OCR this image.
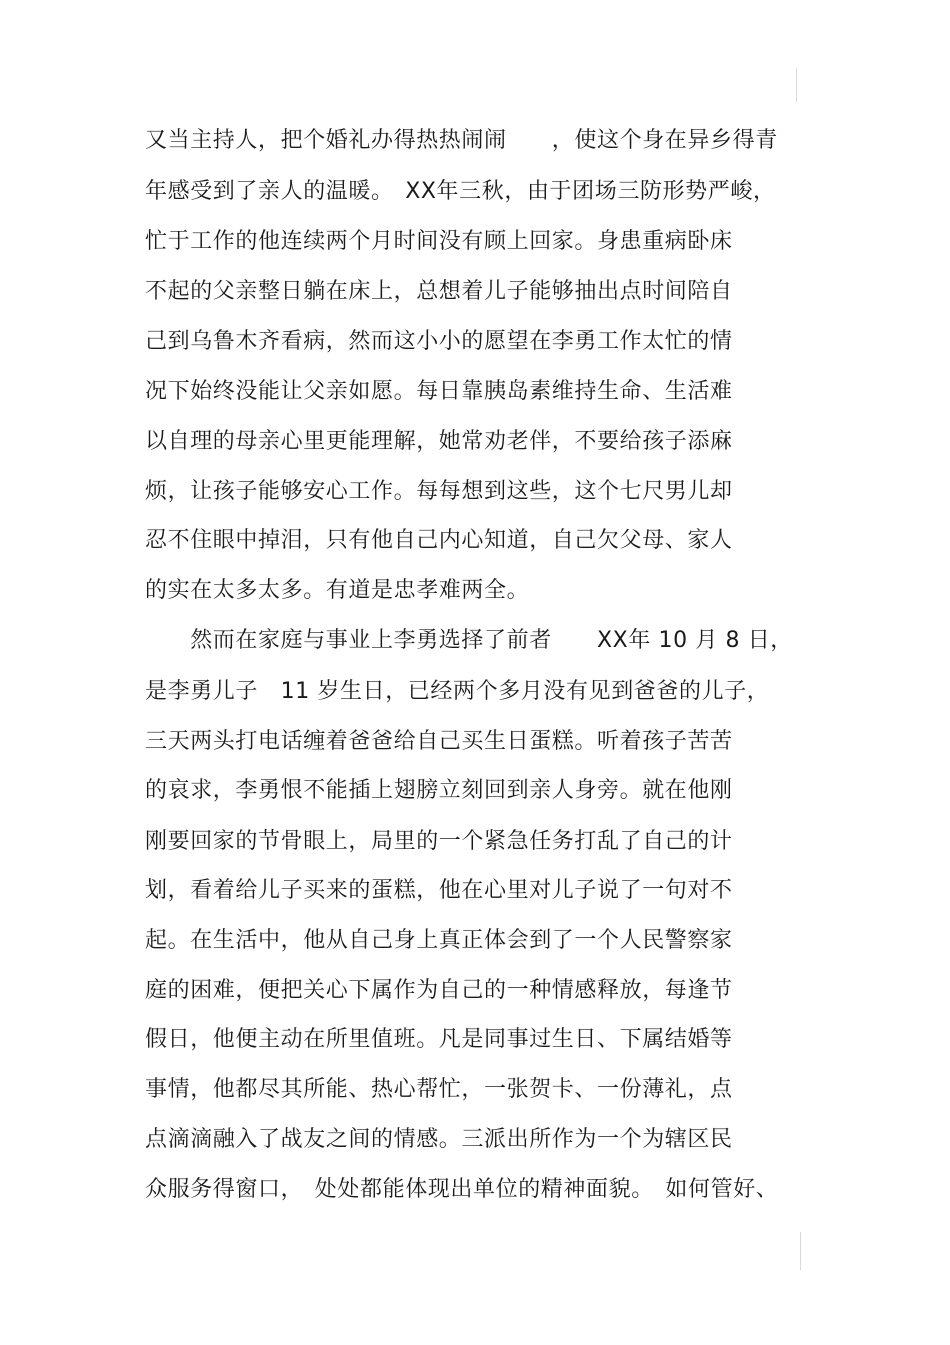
又当主持人，把个婚礼办得热热闹闹　　，使这个身在异乡得青
年感受到了亲人的温暖。　XX年三秋，由于团场三防形势严峻，
忙于工作的他连续两个月时间没有顾上回家。身患重病卧床
不起的父亲整日躺在床上，总想着儿子能够抽出点时间陪自
己到乌鲁木齐看病，然而这小小的愿望在李勇工作太忙的情
况下始终没能让父亲如愿。每日靠胰岛素维持生命、生活难
以自理的母亲心里更能理解，她常劝老伴，不要给孩子添麻
烦，让孩子能够安心工作。每每想到这些，这个七尺男儿却
忍不住眼中掉泪，只有他自己内心知道，自己欠父母、家人
的实在太多太多。有道是忠孝难两全。
　　然而在家庭与事业上李勇选择了前者　　XX年 10 月 8 日，
是李勇儿子　11 岁生日，已经两个多月没有见到爸爸的儿子，
三天两头打电话缠着爸爸给自己买生日蛋糕。听着孩子苦苦
的哀求，李勇恨不能插上翅膀立刻回到亲人身旁。就在他刚
刚要回家的节骨眼上，局里的一个紧急任务打乱了自己的计
划，看着给儿子买来的蛋糕，他在心里对儿子说了一句对不
起。在生活中，他从自己身上真正体会到了一个人民警察家
庭的困难，便把关心下属作为自己的一种情感释放，每逢节
假日，他便主动在所里值班。凡是同事过生日、下属结婚等
事情，他都尽其所能、热心帮忙，一张贺卡、一份薄礼，点
点滴滴融入了战友之间的情感。三派出所作为一个为辖区民
众服务得窗口，　处处都能体现出单位的精神面貌。　如何管好、
